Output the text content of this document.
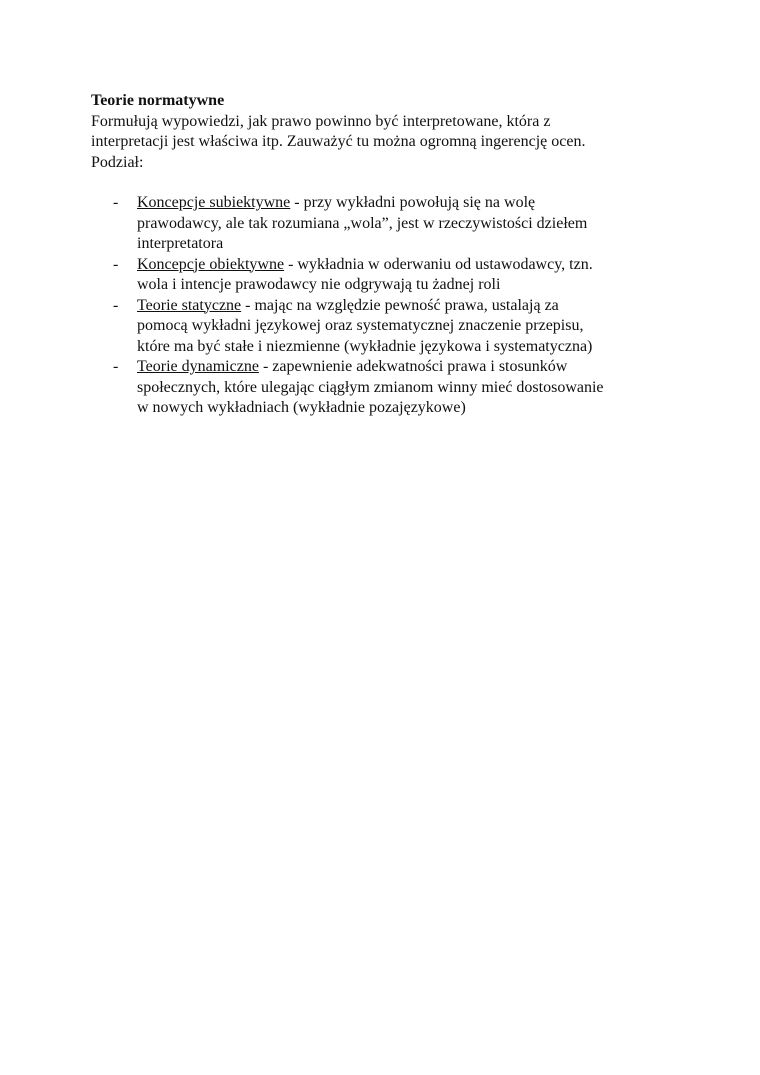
Teorie normatywne

Formułują wypowiedzi, jak prawo powinno być interpretowane, która z
interpretacji jest właściwa itp. Zauważyć tu można ogromną ingerencję ocen.
Podział:

- Koncepcje subiektywne - przy wykładni powołują się na wolę
prawodawcy, ale tak rozumiana „wola”, jest w rzeczywistości dziełem
interpretatora
- Koncepcje obiektywne - wykładnia w oderwaniu od ustawodawcy, tzn.
wola i intencje prawodawcy nie odgrywają tu żadnej roli
- Teorie statyczne - mając na względzie pewność prawa, ustalają za
pomocą wykładni językowej oraz systematycznej znaczenie przepisu,
które ma być stałe i niezmienne (wykładnie językowa i systematyczna)
- Teorie dynamiczne - zapewnienie adekwatności prawa i stosunków
społecznych, które ulegając ciągłym zmianom winny mieć dostosowanie
w nowych wykładniach (wykładnie pozajęzykowe)
